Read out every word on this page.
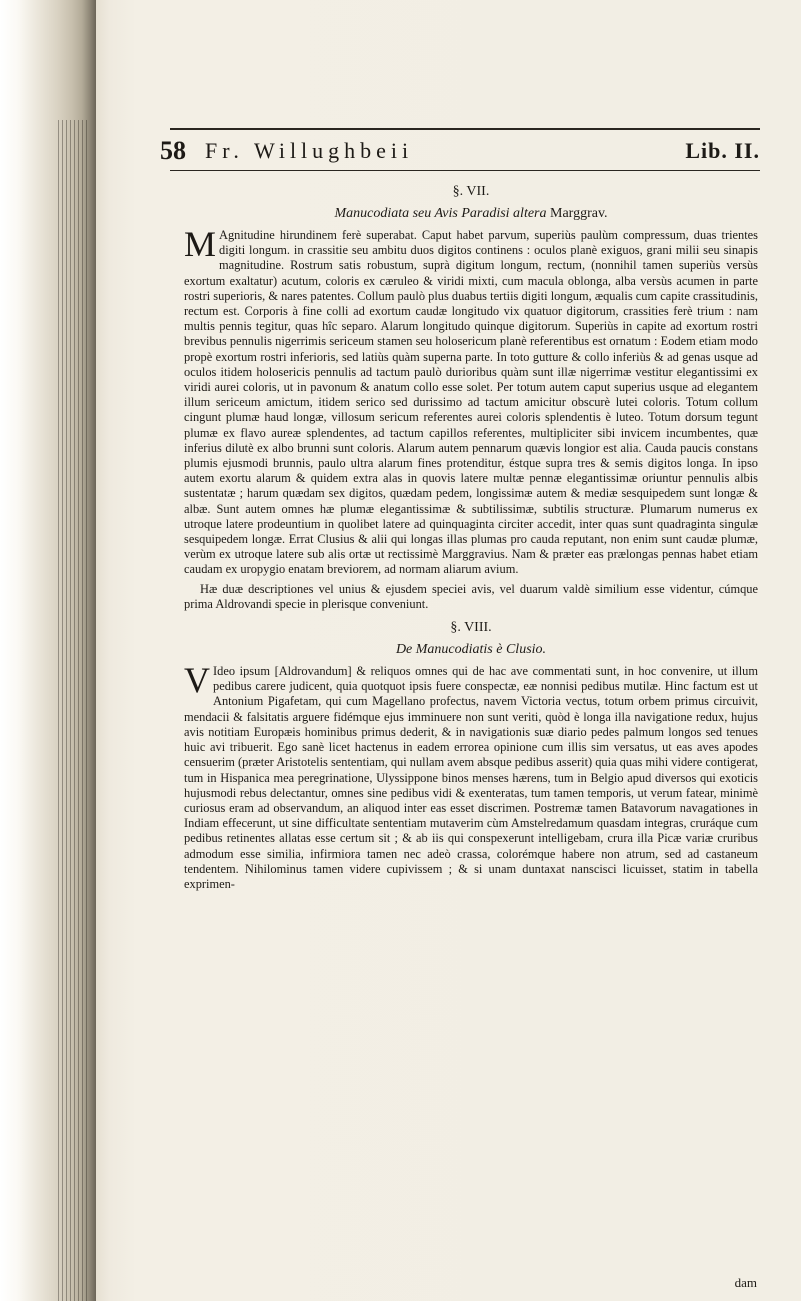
58 Fr. Willughbeii	Lib. II.
§. VII.
Manucodiata seu Avis Paradisi altera Marggrav.

M Agnitudine hirundinem ferè superabat. Caput habet parvum, superiùs paulùm compressum, duas trientes digiti longum. in crassitie seu ambitu duos digitos continens : oculos planè exiguos, grani milii seu sinapis magnitudine. Rostrum satis robustum, suprà digitum longum, rectum, (nonnihil tamen superiùs versùs exortum exaltatur) acutum, coloris ex cæruleo & viridi mixti, cum macula oblonga, alba versùs acumen in parte rostri superioris, & nares patentes. Collum paulò plus duabus tertiis digiti longum, æqualis cum capite crassitudinis, rectum est. Corporis à fine colli ad exortum caudæ longitudo vix quatuor digitorum, crassities ferè trium : nam multis pennis tegitur, quas hîc separo. Alarum longitudo quinque digitorum. Superiùs in capite ad exortum rostri brevibus pennulis nigerrimis sericeum stamen seu holosericum planè referentibus est ornatum : Eodem etiam modo propè exortum rostri inferioris, sed latiùs quàm superna parte. In toto gutture & collo inferiùs & ad genas usque ad oculos itidem holosericis pennulis ad tactum paulò durioribus quàm sunt illæ nigerrimæ vestitur elegantissimi ex viridi aurei coloris, ut in pavonum & anatum collo esse solet. Per totum autem caput superius usque ad elegantem illum sericeum amictum, itidem serico sed durissimo ad tactum amicitur obscurè lutei coloris. Totum collum cingunt plumæ haud longæ, villosum sericum referentes aurei coloris splendentis è luteo. Totum dorsum tegunt plumæ ex flavo aureæ splendentes, ad tactum capillos referentes, multipliciter sibi invicem incumbentes, quæ inferius dilutè ex albo brunni sunt coloris. Alarum autem pennarum quævis longior est alia. Cauda paucis constans plumis ejusmodi brunnis, paulo ultra alarum fines protenditur, éstque supra tres & semis digitos longa. In ipso autem exortu alarum & quidem extra alas in quovis latere multæ pennæ elegantissimæ oriuntur pennulis albis sustentatæ ; harum quædam sex digitos, quædam pedem, longissimæ autem & mediæ sesquipedem sunt longæ & albæ. Sunt autem omnes hæ plumæ elegantissimæ & subtilissimæ, subtilis structuræ. Plumarum numerus ex utroque latere prodeuntium in quolibet latere ad quinquaginta circiter accedit, inter quas sunt quadraginta singulæ sesquipedem longæ. Errat Clusius & alii qui longas illas plumas pro cauda reputant, non enim sunt caudæ plumæ, verùm ex utroque latere sub alis ortæ ut rectissimè Marggravius. Nam & præter eas prælongas pennas habet etiam caudam ex uropygio enatam breviorem, ad normam aliarum avium.

Hæ duæ descriptiones vel unius & ejusdem speciei avis, vel duarum valdè similium esse videntur, cúmque prima Aldrovandi specie in plerisque conveniunt.

§. VIII.
De Manucodiatis è Clusio.

V Ideo ipsum [Aldrovandum] & reliquos omnes qui de hac ave commentati sunt, in hoc convenire, ut illum pedibus carere judicent, quia quotquot ipsis fuere conspectæ, eæ nonnisi pedibus mutilæ. Hinc factum est ut Antonium Pigafetam, qui cum Magellano profectus, navem Victoria vectus, totum orbem primus circuivit, mendacii & falsitatis arguere fidémque ejus imminuere non sunt veriti, quòd è longa illa navigatione redux, hujus avis notitiam Europæis hominibus primus dederit, & in navigationis suæ diario pedes palmum longos sed tenues huic avi tribuerit. Ego sanè licet hactenus in eadem errorea opinione cum illis sim versatus, ut eas aves apodes censuerim (præter Aristotelis sententiam, qui nullam avem absque pedibus asserit) quia quas mihi videre contigerat, tum in Hispanica mea peregrinatione, Ulyssippone binos menses hærens, tum in Belgio apud diversos qui exoticis hujusmodi rebus delectantur, omnes sine pedibus vidi & exenteratas, tum tamen temporis, ut verum fatear, minimè curiosus eram ad observandum, an aliquod inter eas esset discrimen. Postremæ tamen Batavorum navagationes in Indiam effecerunt, ut sine difficultate sententiam mutaverim cùm Amstelredamum quasdam integras, cruráque cum pedibus retinentes allatas esse certum sit ; & ab iis qui conspexerunt intelligebam, crura illa Picæ variæ cruribus admodum esse similia, infirmiora tamen nec adeò crassa, colorémque habere non atrum, sed ad castaneum tendentem. Nihilominus tamen videre cupivissem ; & si unam duntaxat nanscisci licuisset, statim in tabella exprimen-

dam
